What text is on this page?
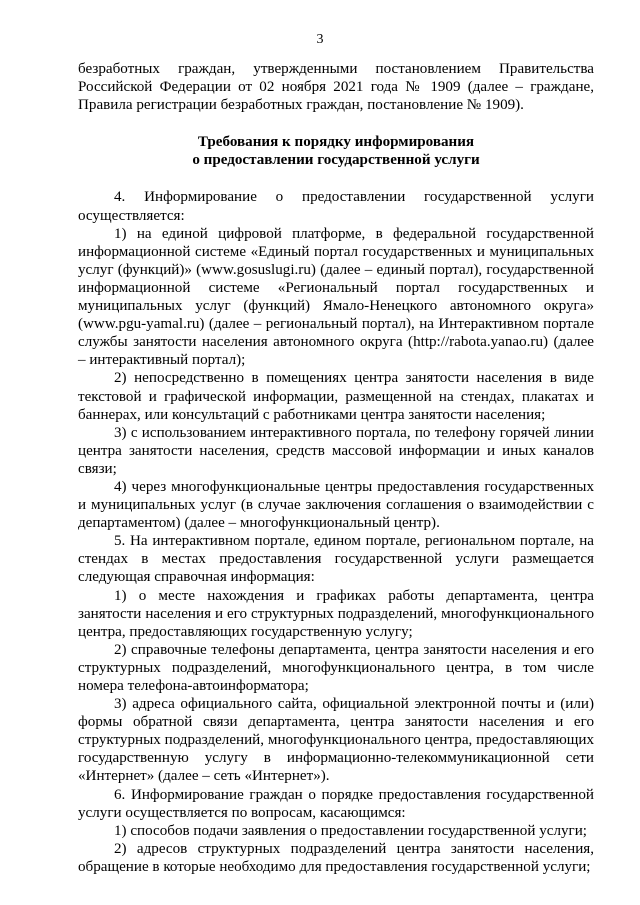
3

безработных граждан, утвержденными постановлением Правительства Российской Федерации от 02 ноября 2021 года № 1909 (далее – граждане, Правила регистрации безработных граждан, постановление № 1909).

Требования к порядку информирования
о предоставлении государственной услуги

4. Информирование о предоставлении государственной услуги осуществляется:

1) на единой цифровой платформе, в федеральной государственной информационной системе «Единый портал государственных и муниципальных услуг (функций)» (www.gosuslugi.ru) (далее – единый портал), государственной информационной системе «Региональный портал государственных и муниципальных услуг (функций) Ямало-Ненецкого автономного округа» (www.pgu-yamal.ru) (далее – региональный портал), на Интерактивном портале службы занятости населения автономного округа (http://rabota.yanao.ru) (далее – интерактивный портал);

2) непосредственно в помещениях центра занятости населения в виде текстовой и графической информации, размещенной на стендах, плакатах и баннерах, или консультаций с работниками центра занятости населения;

3) с использованием интерактивного портала, по телефону горячей линии центра занятости населения, средств массовой информации и иных каналов связи;

4) через многофункциональные центры предоставления государственных и муниципальных услуг (в случае заключения соглашения о взаимодействии с департаментом) (далее – многофункциональный центр).

5. На интерактивном портале, едином портале, региональном портале, на стендах в местах предоставления государственной услуги размещается следующая справочная информация:

1) о месте нахождения и графиках работы департамента, центра занятости населения и его структурных подразделений, многофункционального центра, предоставляющих государственную услугу;

2) справочные телефоны департамента, центра занятости населения и его структурных подразделений, многофункционального центра, в том числе номера телефона-автоинформатора;

3) адреса официального сайта, официальной электронной почты и (или) формы обратной связи департамента, центра занятости населения и его структурных подразделений, многофункционального центра, предоставляющих государственную услугу в информационно-телекоммуникационной сети «Интернет» (далее – сеть «Интернет»).

6. Информирование граждан о порядке предоставления государственной услуги осуществляется по вопросам, касающимся:

1) способов подачи заявления о предоставлении государственной услуги;

2) адресов структурных подразделений центра занятости населения, обращение в которые необходимо для предоставления государственной услуги;
